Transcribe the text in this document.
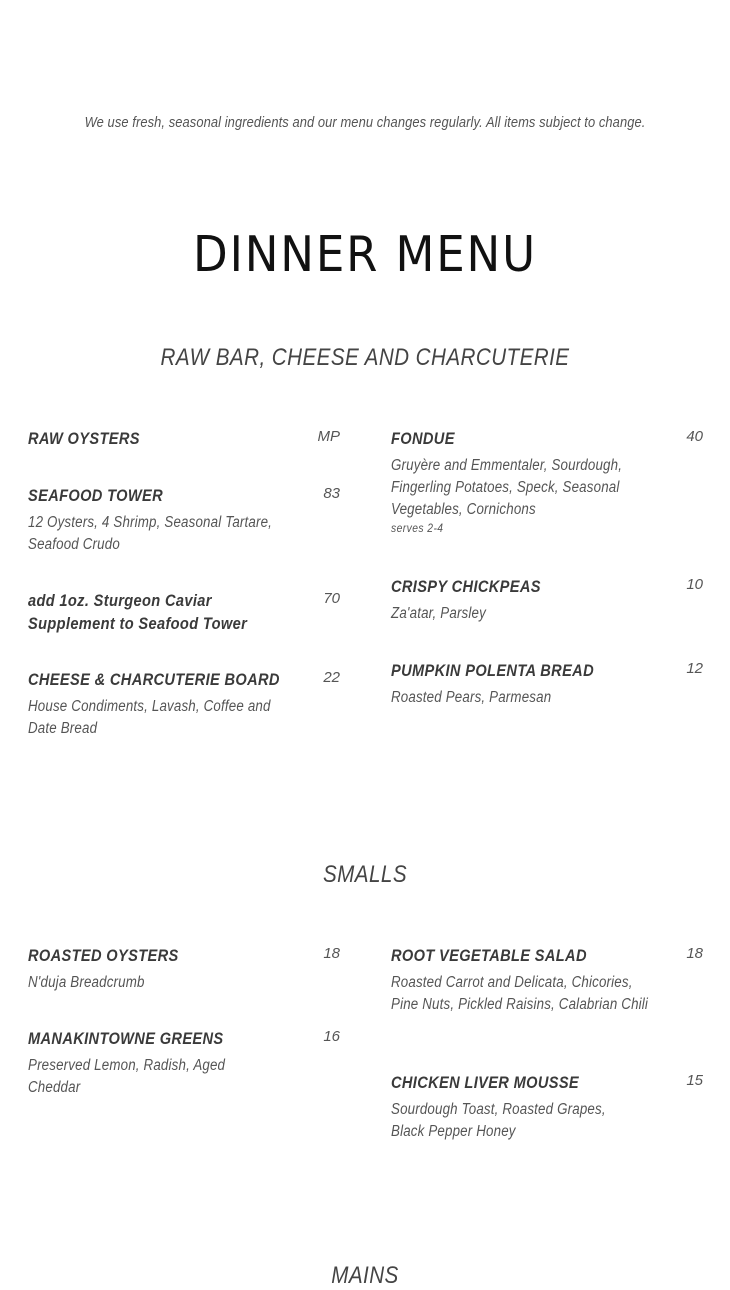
We use fresh, seasonal ingredients and our menu changes regularly. All items subject to change.
DINNER MENU
RAW BAR, CHEESE AND CHARCUTERIE
RAW OYSTERS	MP
SEAFOOD TOWER	83
12 Oysters, 4 Shrimp, Seasonal Tartare, Seafood Crudo
add 1oz. Sturgeon Caviar Supplement to Seafood Tower
70
CHEESE & CHARCUTERIE BOARD	22
House Condiments, Lavash, Coffee and Date Bread
FONDUE	40
Gruyère and Emmentaler, Sourdough, Fingerling Potatoes, Speck, Seasonal Vegetables, Cornichons
serves 2-4
CRISPY CHICKPEAS	10
Za'atar, Parsley
PUMPKIN POLENTA BREAD	12
Roasted Pears, Parmesan
SMALLS
ROASTED OYSTERS	18
N'duja Breadcrumb
MANAKINTOWNE GREENS	16
Preserved Lemon, Radish, Aged Cheddar
ROOT VEGETABLE SALAD	18
Roasted Carrot and Delicata, Chicories, Pine Nuts, Pickled Raisins, Calabrian Chili
CHICKEN LIVER MOUSSE	15
Sourdough Toast, Roasted Grapes, Black Pepper Honey
MAINS
